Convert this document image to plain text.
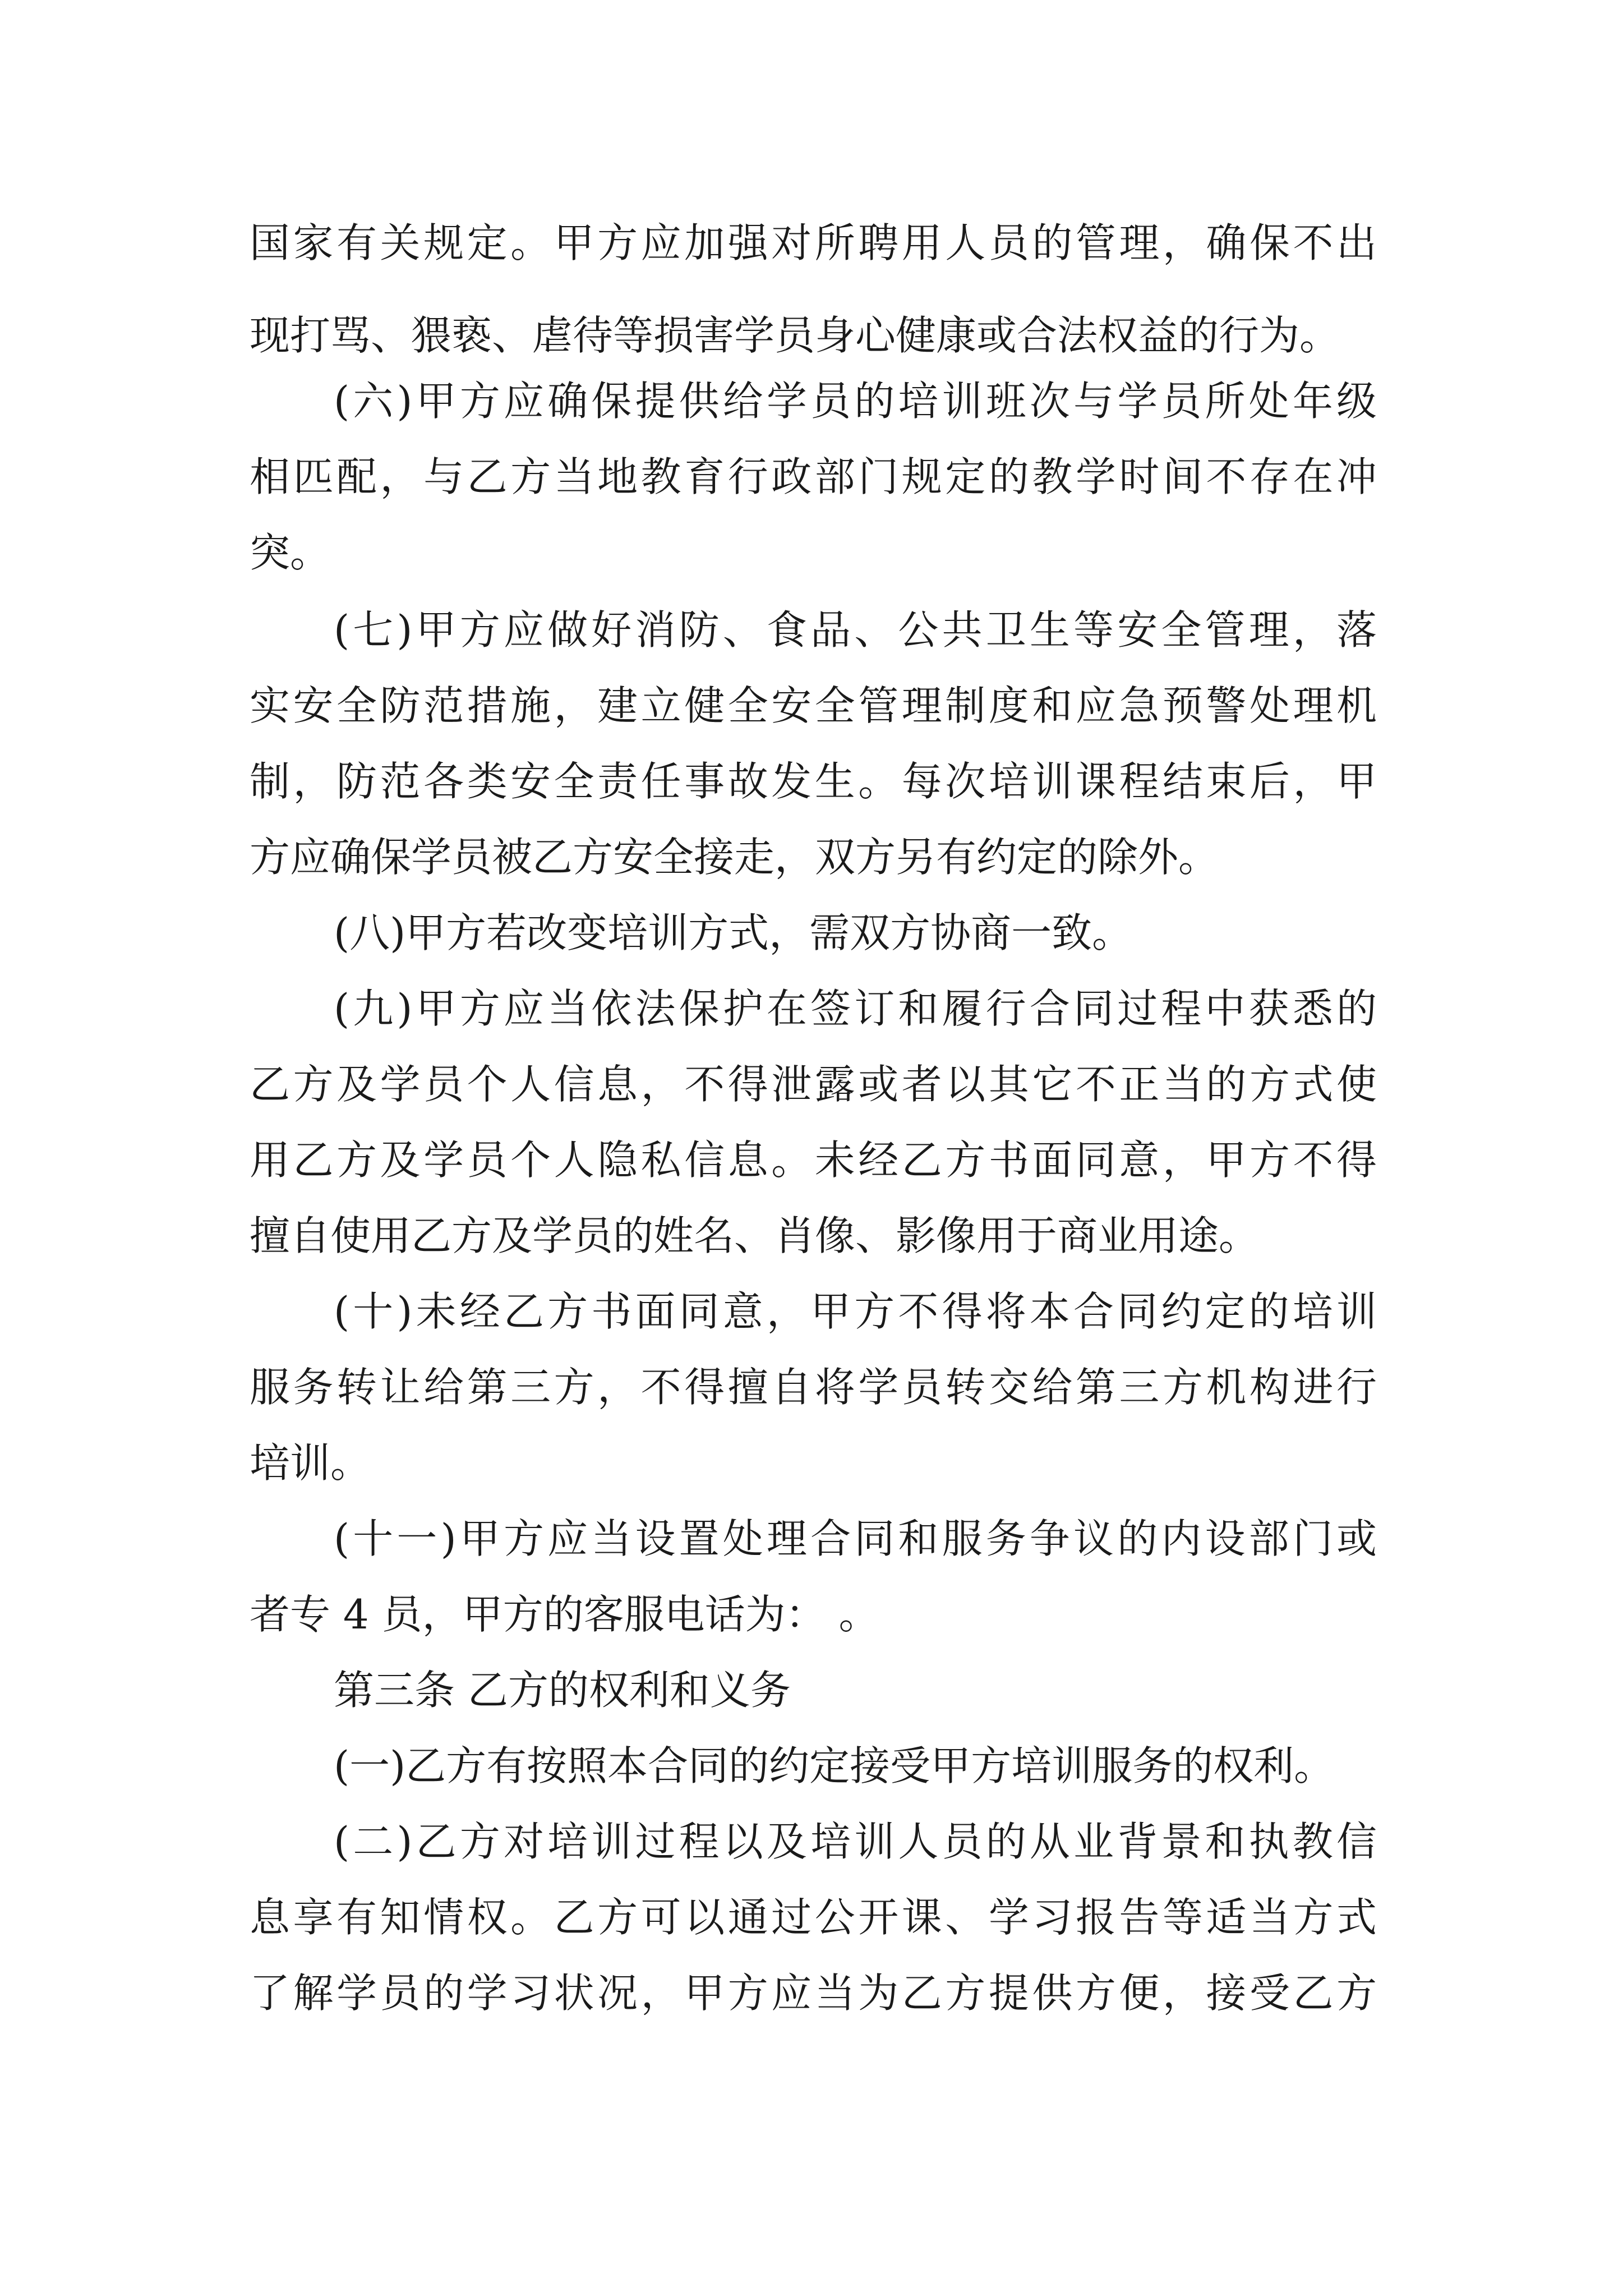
国家有关规定。甲方应加强对所聘用人员的管理，确保不出
现打骂、猥亵、虐待等损害学员身心健康或合法权益的行为。
(六)甲方应确保提供给学员的培训班次与学员所处年级
相匹配，与乙方当地教育行政部门规定的教学时间不存在冲
突。
(七)甲方应做好消防、食品、公共卫生等安全管理，落
实安全防范措施，建立健全安全管理制度和应急预警处理机
制，防范各类安全责任事故发生。每次培训课程结束后，甲
方应确保学员被乙方安全接走，双方另有约定的除外。
(八)甲方若改变培训方式，需双方协商一致。
(九)甲方应当依法保护在签订和履行合同过程中获悉的
乙方及学员个人信息，不得泄露或者以其它不正当的方式使
用乙方及学员个人隐私信息。未经乙方书面同意，甲方不得
擅自使用乙方及学员的姓名、肖像、影像用于商业用途。
(十)未经乙方书面同意，甲方不得将本合同约定的培训
服务转让给第三方，不得擅自将学员转交给第三方机构进行
培训。
(十一)甲方应当设置处理合同和服务争议的内设部门或
者专 4 员，甲方的客服电话为： 。
第三条 乙方的权利和义务
(一)乙方有按照本合同的约定接受甲方培训服务的权利。
(二)乙方对培训过程以及培训人员的从业背景和执教信
息享有知情权。乙方可以通过公开课、学习报告等适当方式
了解学员的学习状况，甲方应当为乙方提供方便，接受乙方
